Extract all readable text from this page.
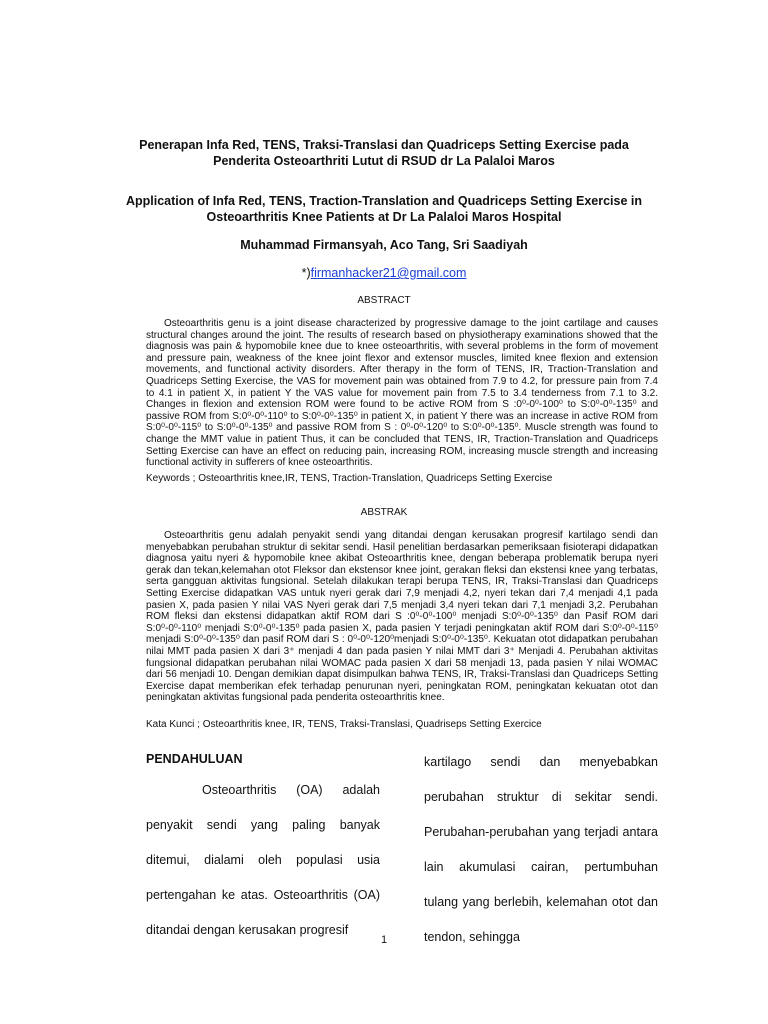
Penerapan Infa Red, TENS, Traksi-Translasi dan Quadriceps Setting Exercise pada Penderita Osteoarthriti Lutut di RSUD dr La Palaloi Maros
Application of Infa Red, TENS, Traction-Translation and Quadriceps Setting Exercise in Osteoarthritis Knee Patients at Dr La Palaloi Maros Hospital
Muhammad Firmansyah, Aco Tang, Sri Saadiyah
*)firmanhacker21@gmail.com
ABSTRACT

Osteoarthritis genu is a joint disease characterized by progressive damage to the joint cartilage and causes structural changes around the joint. The results of research based on physiotherapy examinations showed that the diagnosis was pain & hypomobile knee due to knee osteoarthritis, with several problems in the form of movement and pressure pain, weakness of the knee joint flexor and extensor muscles, limited knee flexion and extension movements, and functional activity disorders. After therapy in the form of TENS, IR, Traction-Translation and Quadriceps Setting Exercise, the VAS for movement pain was obtained from 7.9 to 4.2, for pressure pain from 7.4 to 4.1 in patient X, in patient Y the VAS value for movement pain from 7.5 to 3.4 tenderness from 7.1 to 3.2. Changes in flexion and extension ROM were found to be active ROM from S :0⁰-0⁰-100⁰ to S:0⁰-0⁰-135⁰ and passive ROM from S:0⁰-0⁰-110⁰ to S:0⁰-0⁰-135⁰ in patient X, in patient Y there was an increase in active ROM from S:0⁰-0⁰-115⁰ to S:0⁰-0⁰-135⁰ and passive ROM from S : 0⁰-0⁰-120⁰ to S:0⁰-0⁰-135⁰. Muscle strength was found to change the MMT value in patient Thus, it can be concluded that TENS, IR, Traction-Translation and Quadriceps Setting Exercise can have an effect on reducing pain, increasing ROM, increasing muscle strength and increasing functional activity in sufferers of knee osteoarthritis.

Keywords ; Osteoarthritis knee,IR, TENS, Traction-Translation, Quadriceps Setting Exercise

ABSTRAK

Osteoarthritis genu adalah penyakit sendi yang ditandai dengan kerusakan progresif kartilago sendi dan menyebabkan perubahan struktur di sekitar sendi. Hasil penelitian berdasarkan pemeriksaan fisioterapi didapatkan diagnosa yaitu nyeri & hypomobile knee akibat Osteoarthritis knee, dengan beberapa problematik berupa nyeri gerak dan tekan,kelemahan otot Fleksor dan ekstensor knee joint, gerakan fleksi dan ekstensi knee yang terbatas, serta gangguan aktivitas fungsional. Setelah dilakukan terapi berupa TENS, IR, Traksi-Translasi dan Quadriceps Setting Exercise didapatkan VAS untuk nyeri gerak dari 7,9 menjadi 4,2, nyeri tekan dari 7,4 menjadi 4,1 pada pasien X, pada pasien Y nilai VAS Nyeri gerak dari 7,5 menjadi 3,4 nyeri tekan dari 7,1 menjadi 3,2. Perubahan ROM fleksi dan ekstensi didapatkan aktif ROM dari S :0⁰-0⁰-100⁰ menjadi S:0⁰-0⁰-135⁰ dan Pasif ROM dari S:0⁰-0⁰-110⁰ menjadi S:0⁰-0⁰-135⁰ pada pasien X, pada pasien Y terjadi peningkatan aktif ROM dari S:0⁰-0⁰-115⁰ menjadi S:0⁰-0⁰-135⁰ dan pasif ROM dari S : 0⁰-0⁰-120⁰menjadi S:0⁰-0⁰-135⁰. Kekuatan otot didapatkan perubahan nilai MMT pada pasien X dari 3⁺ menjadi 4 dan pada pasien Y nilai MMT dari 3⁺ Menjadi 4. Perubahan aktivitas fungsional didapatkan perubahan nilai WOMAC pada pasien X dari 58 menjadi 13, pada pasien Y nilai WOMAC dari 56 menjadi 10. Dengan demikian dapat disimpulkan bahwa TENS, IR, Traksi-Translasi dan Quadriceps Setting Exercise dapat memberikan efek terhadap penurunan nyeri, peningkatan ROM, peningkatan kekuatan otot dan peningkatan aktivitas fungsional pada penderita osteoarthritis knee.

Kata Kunci ; Osteoarthritis knee, IR, TENS, Traksi-Translasi, Quadriseps Setting Exercice

PENDAHULUAN

Osteoarthritis (OA) adalah penyakit sendi yang paling banyak ditemui, dialami oleh populasi usia pertengahan ke atas. Osteoarthritis (OA) ditandai dengan kerusakan progresif

kartilago sendi dan menyebabkan perubahan struktur di sekitar sendi. Perubahan-perubahan yang terjadi antara lain akumulasi cairan, pertumbuhan tulang yang berlebih, kelemahan otot dan tendon, sehingga

1
